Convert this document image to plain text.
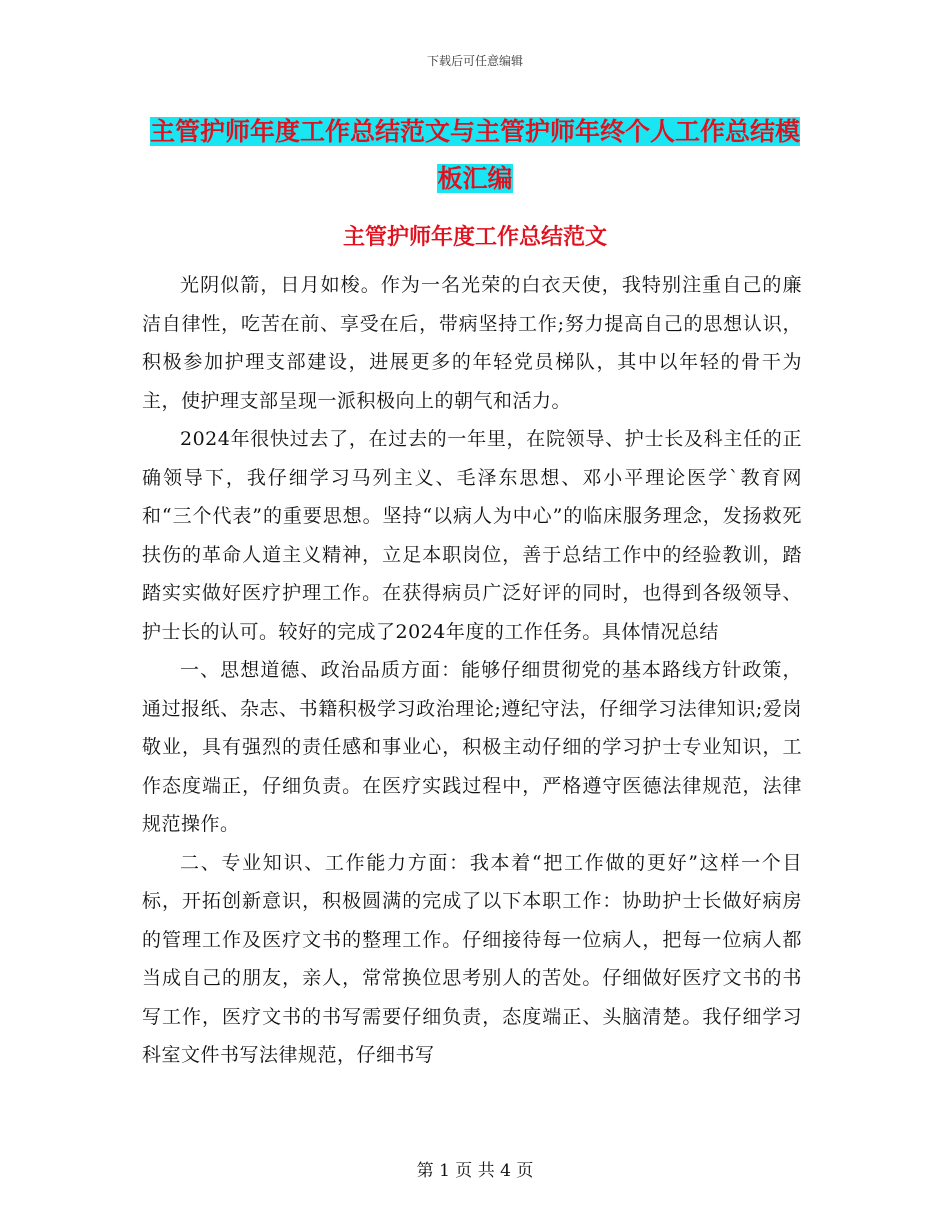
下载后可任意编辑
主管护师年度工作总结范文与主管护师年终个人工作总结模板汇编
主管护师年度工作总结范文

光阴似箭，日月如梭。作为一名光荣的白衣天使，我特别注重自己的廉洁自律性，吃苦在前、享受在后，带病坚持工作;努力提高自己的思想认识，积极参加护理支部建设，进展更多的年轻党员梯队，其中以年轻的骨干为主，使护理支部呈现一派积极向上的朝气和活力。

2024年很快过去了，在过去的一年里，在院领导、护士长及科主任的正确领导下，我仔细学习马列主义、毛泽东思想、邓小平理论医学`教育网和“三个代表”的重要思想。坚持“以病人为中心”的临床服务理念，发扬救死扶伤的革命人道主义精神，立足本职岗位，善于总结工作中的经验教训，踏踏实实做好医疗护理工作。在获得病员广泛好评的同时，也得到各级领导、护士长的认可。较好的完成了2024年度的工作任务。具体情况总结

一、思想道德、政治品质方面：能够仔细贯彻党的基本路线方针政策，通过报纸、杂志、书籍积极学习政治理论;遵纪守法，仔细学习法律知识;爱岗敬业，具有强烈的责任感和事业心，积极主动仔细的学习护士专业知识，工作态度端正，仔细负责。在医疗实践过程中，严格遵守医德法律规范，法律规范操作。

二、专业知识、工作能力方面：我本着“把工作做的更好”这样一个目标，开拓创新意识，积极圆满的完成了以下本职工作：协助护士长做好病房的管理工作及医疗文书的整理工作。仔细接待每一位病人，把每一位病人都当成自己的朋友，亲人，常常换位思考别人的苦处。仔细做好医疗文书的书写工作，医疗文书的书写需要仔细负责，态度端正、头脑清楚。我仔细学习科室文件书写法律规范，仔细书写

第 1 页 共 4 页
